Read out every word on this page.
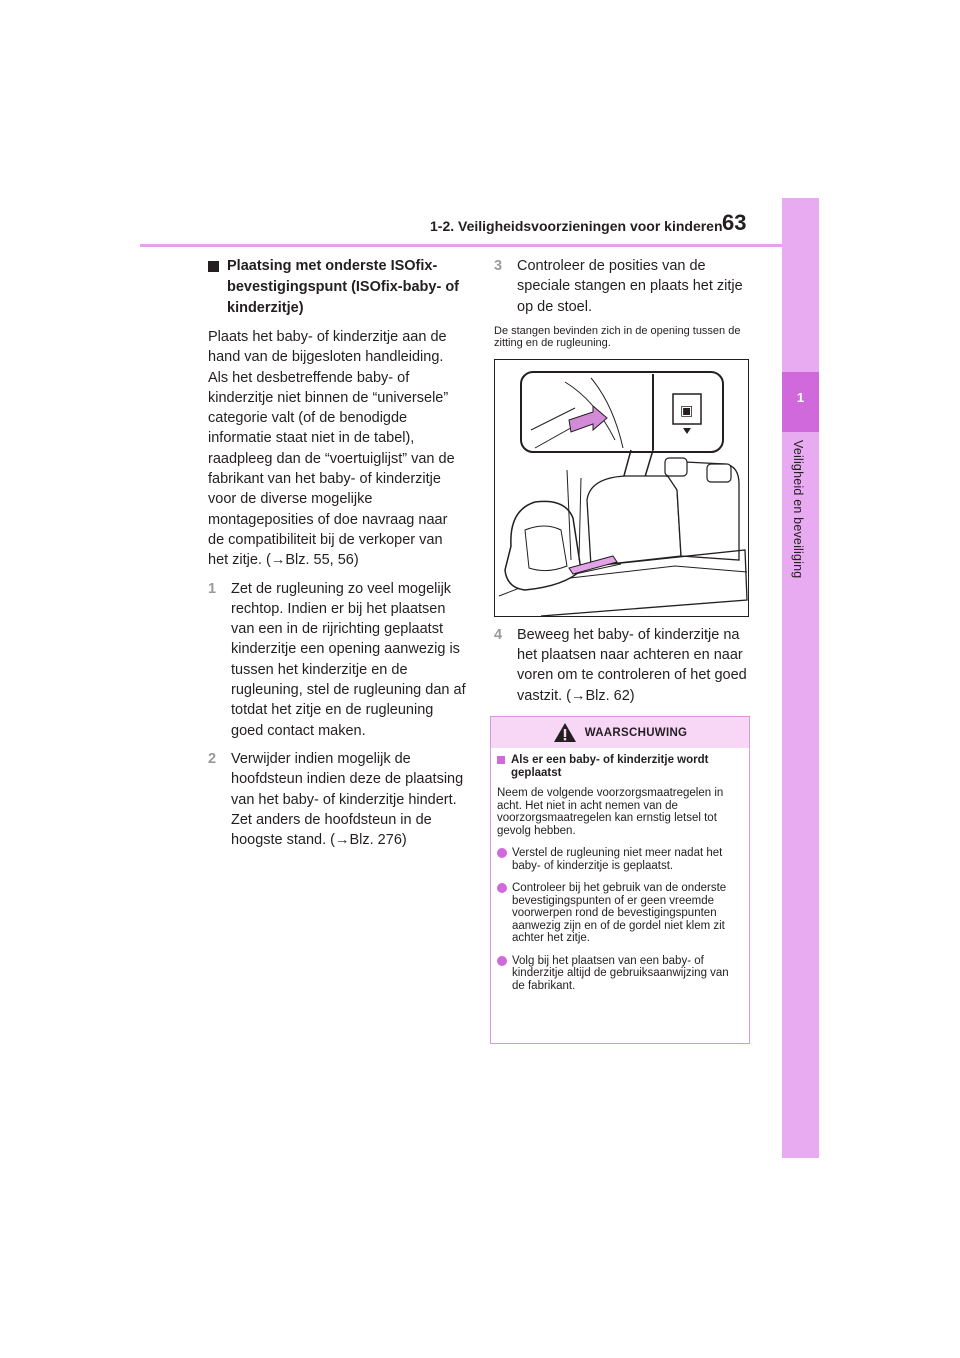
1-2. Veiligheidsvoorzieningen voor kinderen 63
1
Veiligheid en beveiliging
Plaatsing met onderste ISOfix-bevestigingspunt (ISOfix-baby- of kinderzitje)
Plaats het baby- of kinderzitje aan de hand van de bijgesloten handleiding. Als het desbetreffende baby- of kinderzitje niet binnen de “universele” categorie valt (of de benodigde informatie staat niet in de tabel), raadpleeg dan de “voertuiglijst” van de fabrikant van het baby- of kinderzitje voor de diverse mogelijke montageposities of doe navraag naar de compatibiliteit bij de verkoper van het zitje. (→Blz. 55, 56)
1	Zet de rugleuning zo veel mogelijk rechtop. Indien er bij het plaatsen van een in de rijrichting geplaatst kinderzitje een opening aanwezig is tussen het kinderzitje en de rugleuning, stel de rugleuning dan af totdat het zitje en de rugleuning goed contact maken.
2	Verwijder indien mogelijk de hoofdsteun indien deze de plaatsing van het baby- of kinderzitje hindert. Zet anders de hoofdsteun in de hoogste stand. (→Blz. 276)
3	Controleer de posities van de speciale stangen en plaats het zitje op de stoel.
De stangen bevinden zich in de opening tussen de zitting en de rugleuning.
▣
4	Beweeg het baby- of kinderzitje na het plaatsen naar achteren en naar voren om te controleren of het goed vastzit. (→Blz. 62)
WAARSCHUWING
Als er een baby- of kinderzitje wordt geplaatst
Neem de volgende voorzorgsmaatregelen in acht. Het niet in acht nemen van de voorzorgsmaatregelen kan ernstig letsel tot gevolg hebben.
Verstel de rugleuning niet meer nadat het baby- of kinderzitje is geplaatst.
Controleer bij het gebruik van de onderste bevestigingspunten of er geen vreemde voorwerpen rond de bevestigingspunten aanwezig zijn en of de gordel niet klem zit achter het zitje.
Volg bij het plaatsen van een baby- of kinderzitje altijd de gebruiksaanwijzing van de fabrikant.
